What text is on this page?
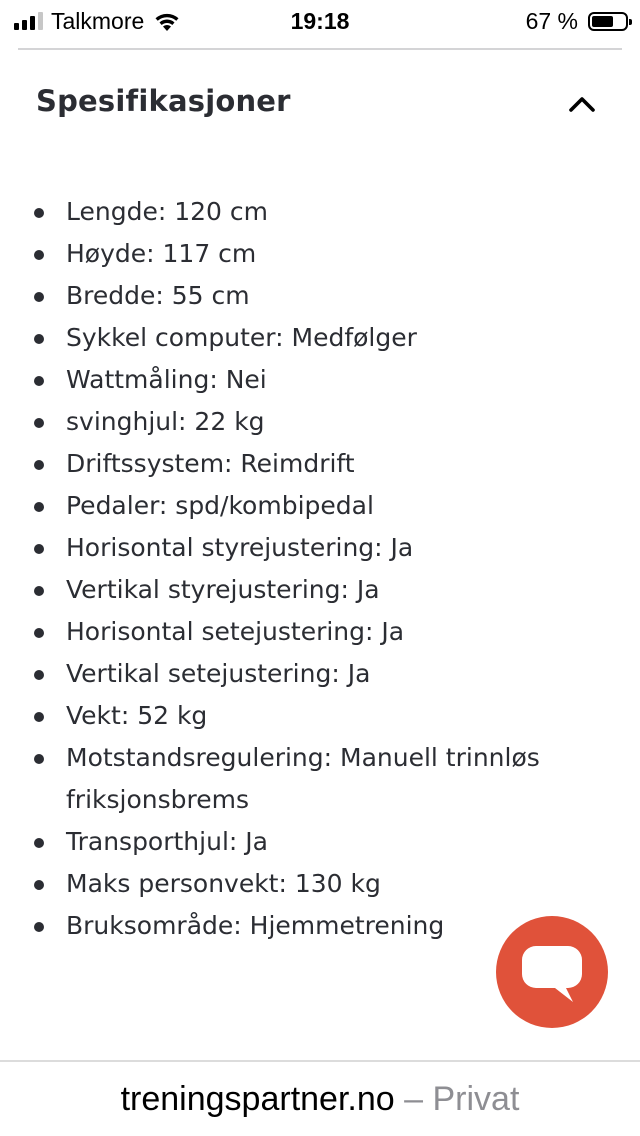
Talkmore	19:18	67 %
Spesifikasjoner
Lengde: 120 cm
Høyde: 117 cm
Bredde: 55 cm
Sykkel computer: Medfølger
Wattmåling: Nei
svinghjul: 22 kg
Driftssystem: Reimdrift
Pedaler: spd/kombipedal
Horisontal styrejustering: Ja
Vertikal styrejustering: Ja
Horisontal setejustering: Ja
Vertikal setejustering: Ja
Vekt: 52 kg
Motstandsregulering: Manuell trinnløs friksjonsbrems
Transporthjul: Ja
Maks personvekt: 130 kg
Bruksområde: Hjemmetrening
treningspartner.no – Privat
